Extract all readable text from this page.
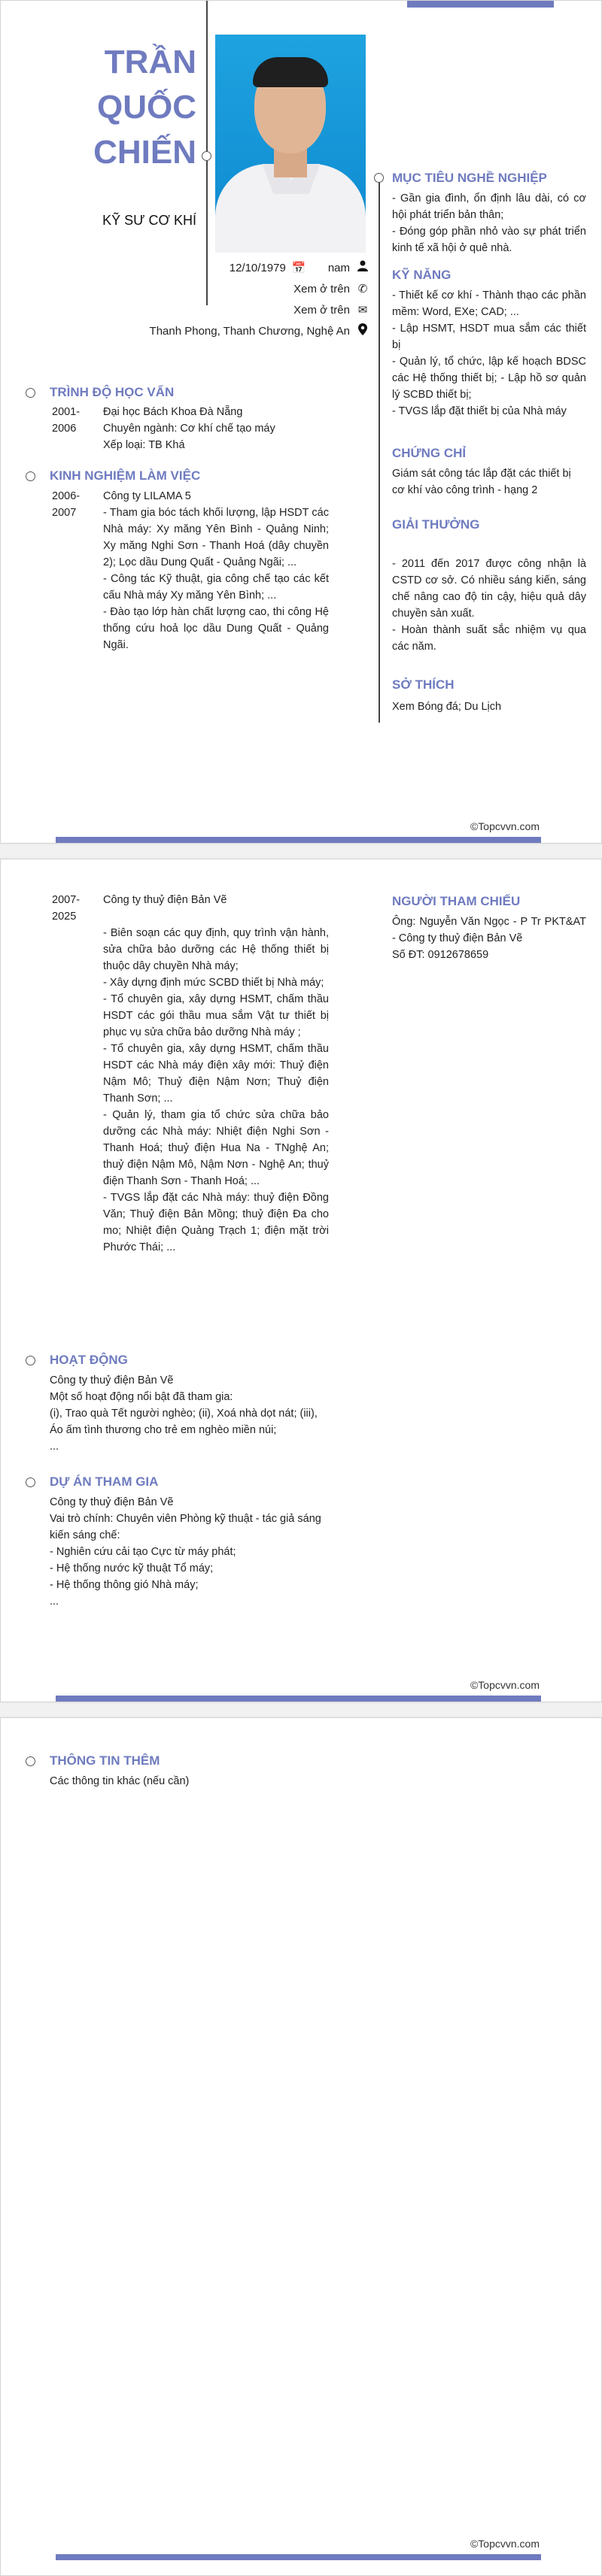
TRẦN
QUỐC
CHIẾN
KỸ SƯ CƠ KHÍ
12/10/1979 📅 nam
Xem ở trên ✆
Xem ở trên ✉
Thanh Phong, Thanh Chương, Nghệ An
MỤC TIÊU NGHỀ NGHIỆP
- Gần gia đình, ổn định lâu dài, có cơ hội phát triển bản thân;
- Đóng góp phần nhỏ vào sự phát triển kinh tế xã hội ở quê nhà.
KỸ NĂNG
- Thiết kế cơ khí - Thành thạo các phần mềm: Word, EXe; CAD; ...
- Lập HSMT, HSDT mua sắm các thiết bị
- Quản lý, tổ chức, lập kế hoạch BDSC các Hệ thống thiết bị; - Lập hồ sơ quản lý SCBD thiết bị;
- TVGS lắp đặt thiết bị của Nhà máy
CHỨNG CHỈ
Giám sát công tác lắp đặt các thiết bị cơ khí vào công trình - hạng 2
GIẢI THƯỞNG
- 2011 đến 2017 được công nhận là CSTD cơ sở. Có nhiều sáng kiến, sáng chế nâng cao độ tin cậy, hiệu quả dây chuyền sản xuất.
- Hoàn thành suất sắc nhiệm vụ qua các năm.
SỞ THÍCH
Xem Bóng đá; Du Lịch
TRÌNH ĐỘ HỌC VẤN
2001-
2006
Đại học Bách Khoa Đà Nẵng
Chuyên ngành: Cơ khí chế tạo máy
Xếp loại: TB Khá
KINH NGHIỆM LÀM VIỆC
2006-
2007
Công ty LILAMA 5
- Tham gia bóc tách khối lượng, lập HSDT các Nhà máy: Xy măng Yên Bình - Quảng Ninh; Xy măng Nghi Sơn - Thanh Hoá (dây chuyền 2); Lọc dầu Dung Quất - Quảng Ngãi; ...
- Công tác Kỹ thuật, gia công chế tạo các kết cấu Nhà máy Xy măng Yên Bình; ...
- Đào tạo lớp hàn chất lượng cao, thi công Hệ thống cứu hoả lọc dầu Dung Quất - Quảng Ngãi.
©Topcvvn.com
2007-
2025
Công ty thuỷ điện Bản Vẽ
- Biên soạn các quy định, quy trình vận hành, sửa chữa bảo dưỡng các Hệ thống thiết bị thuộc dây chuyền Nhà máy;
- Xây dựng định mức SCBD thiết bị Nhà máy;
- Tổ chuyên gia, xây dựng HSMT, chấm thầu HSDT các gói thầu mua sắm Vật tư thiết bị phục vụ sửa chữa bảo dưỡng Nhà máy ;
- Tổ chuyên gia, xây dựng HSMT, chấm thầu HSDT các Nhà máy điện xây mới: Thuỷ điện Nậm Mô; Thuỷ điện Nậm Nơn; Thuỷ điện Thanh Sơn; ...
- Quản lý, tham gia tổ chức sửa chữa bảo dưỡng các Nhà máy: Nhiệt điện Nghi Sơn - Thanh Hoá; thuỷ điện Hua Na - TNghệ An; thuỷ điện Nậm Mô, Nậm Nơn - Nghệ An; thuỷ điện Thanh Sơn - Thanh Hoá; ...
- TVGS lắp đặt các Nhà máy: thuỷ điện Đồng Văn; Thuỷ điện Bản Mồng; thuỷ điện Đa cho mo; Nhiệt điện Quảng Trạch 1; điện mặt trời Phước Thái; ...
NGƯỜI THAM CHIẾU
Ông: Nguyễn Văn Ngọc - P Tr PKT&AT - Công ty thuỷ điện Bản Vẽ
Số ĐT: 0912678659
HOẠT ĐỘNG
Công ty thuỷ điện Bản Vẽ
Một số hoạt động nổi bật đã tham gia:
(i), Trao quà Tết người nghèo; (ii), Xoá nhà dọt nát; (iii), Áo ấm tình thương cho trẻ em nghèo miền núi;
...
DỰ ÁN THAM GIA
Công ty thuỷ điện Bản Vẽ
Vai trò chính: Chuyên viên Phòng kỹ thuật - tác giả sáng kiến sáng chế:
- Nghiên cứu cải tạo Cực từ máy phát;
- Hệ thống nước kỹ thuật Tổ máy;
- Hệ thống thông gió Nhà máy;
...
©Topcvvn.com
THÔNG TIN THÊM
Các thông tin khác (nếu cần)
©Topcvvn.com
